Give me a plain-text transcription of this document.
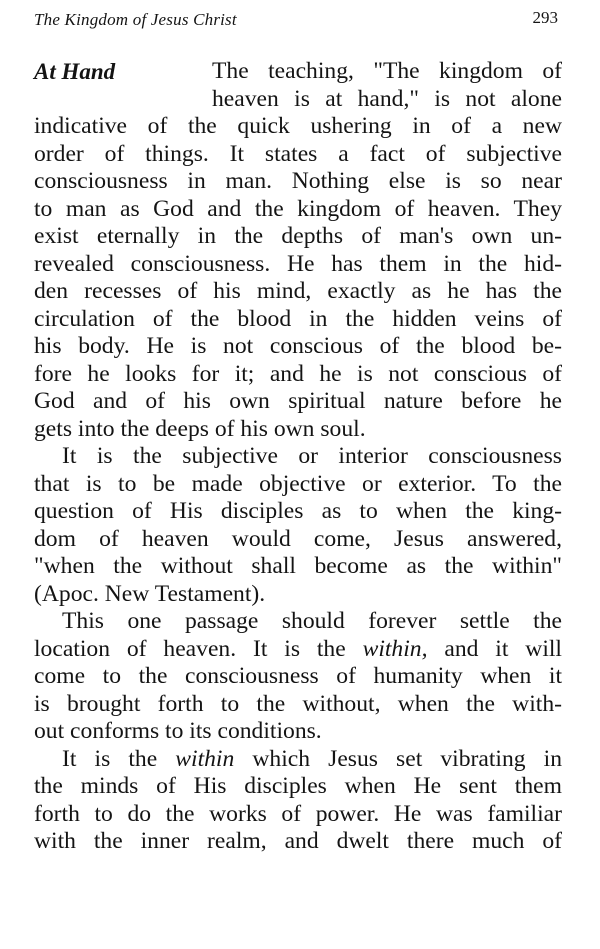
The Kingdom of Jesus Christ	293
At Hand	The teaching, "The kingdom of
heaven is at hand," is not alone
indicative of the quick ushering in of a new
order of things. It states a fact of subjective
consciousness in man. Nothing else is so near
to man as God and the kingdom of heaven. They
exist eternally in the depths of man's own un-
revealed consciousness. He has them in the hid-
den recesses of his mind, exactly as he has the
circulation of the blood in the hidden veins of
his body. He is not conscious of the blood be-
fore he looks for it; and he is not conscious of
God and of his own spiritual nature before he
gets into the deeps of his own soul.
It is the subjective or interior consciousness
that is to be made objective or exterior. To the
question of His disciples as to when the king-
dom of heaven would come, Jesus answered,
"when the without shall become as the within"
(Apoc. New Testament).
This one passage should forever settle the
location of heaven. It is the within, and it will
come to the consciousness of humanity when it
is brought forth to the without, when the with-
out conforms to its conditions.
It is the within which Jesus set vibrating in
the minds of His disciples when He sent them
forth to do the works of power. He was familiar
with the inner realm, and dwelt there much of
